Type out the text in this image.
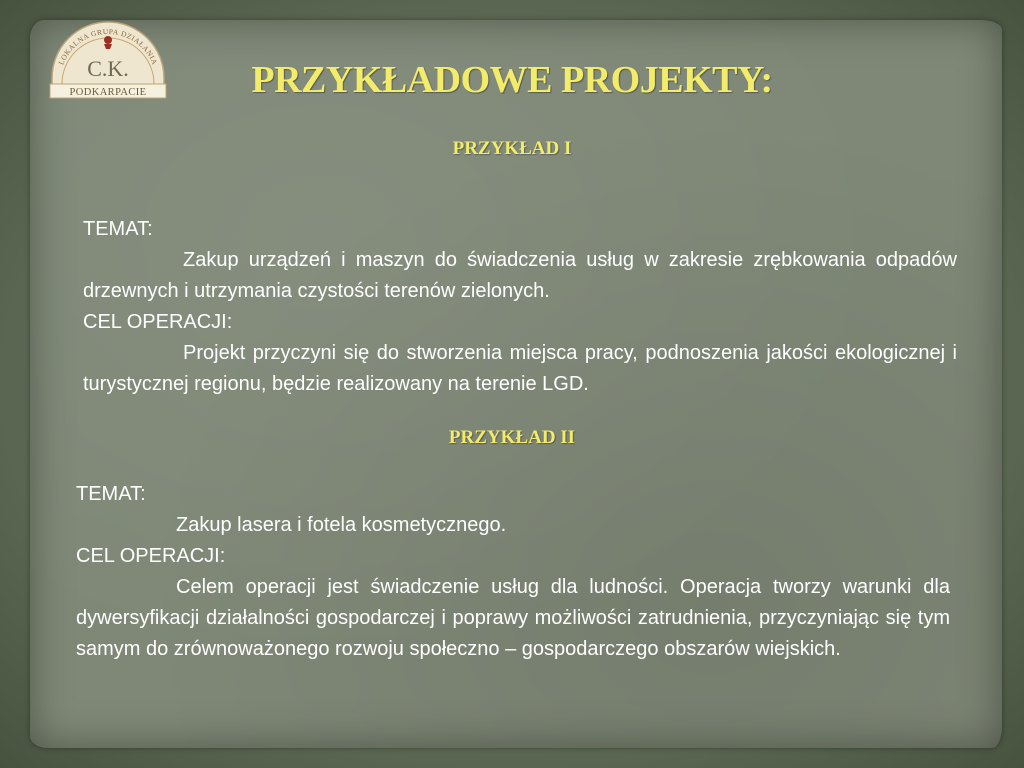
LOKALNA GRUPA DZIAŁANIA
C.K.
PODKARPACIE	PRZYKŁADOWE PROJEKTY:
PRZYKŁAD I
TEMAT:

Zakup urządzeń i maszyn do świadczenia usług w zakresie zrębkowania odpadów drzewnych i utrzymania czystości terenów zielonych.

CEL OPERACJI:

Projekt przyczyni się do stworzenia miejsca pracy, podnoszenia jakości ekologicznej i turystycznej regionu, będzie realizowany na terenie LGD.

PRZYKŁAD II
TEMAT:

Zakup lasera i fotela kosmetycznego.

CEL OPERACJI:

Celem operacji jest świadczenie usług dla ludności. Operacja tworzy warunki dla dywersyfikacji działalności gospodarczej i poprawy możliwości zatrudnienia, przyczyniając się tym samym do zrównoważonego rozwoju społeczno – gospodarczego obszarów wiejskich.
